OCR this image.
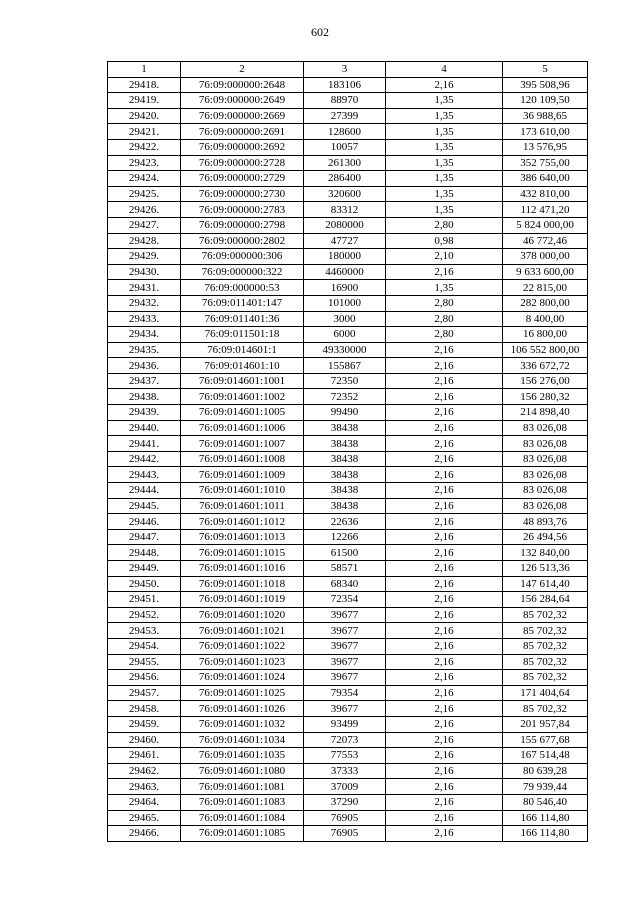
602
1	2	3	4	5
29418.	76:09:000000:2648	183106	2,16	395 508,96
29419.	76:09:000000:2649	88970	1,35	120 109,50
29420.	76:09:000000:2669	27399	1,35	36 988,65
29421.	76:09:000000:2691	128600	1,35	173 610,00
29422.	76:09:000000:2692	10057	1,35	13 576,95
29423.	76:09:000000:2728	261300	1,35	352 755,00
29424.	76:09:000000:2729	286400	1,35	386 640,00
29425.	76:09:000000:2730	320600	1,35	432 810,00
29426.	76:09:000000:2783	83312	1,35	112 471,20
29427.	76:09:000000:2798	2080000	2,80	5 824 000,00
29428.	76:09:000000:2802	47727	0,98	46 772,46
29429.	76:09:000000:306	180000	2,10	378 000,00
29430.	76:09:000000:322	4460000	2,16	9 633 600,00
29431.	76:09:000000:53	16900	1,35	22 815,00
29432.	76:09:011401:147	101000	2,80	282 800,00
29433.	76:09:011401:36	3000	2,80	8 400,00
29434.	76:09:011501:18	6000	2,80	16 800,00
29435.	76:09:014601:1	49330000	2,16	106 552 800,00
29436.	76:09:014601:10	155867	2,16	336 672,72
29437.	76:09:014601:1001	72350	2,16	156 276,00
29438.	76:09:014601:1002	72352	2,16	156 280,32
29439.	76:09:014601:1005	99490	2,16	214 898,40
29440.	76:09:014601:1006	38438	2,16	83 026,08
29441.	76:09:014601:1007	38438	2,16	83 026,08
29442.	76:09:014601:1008	38438	2,16	83 026,08
29443.	76:09:014601:1009	38438	2,16	83 026,08
29444.	76:09:014601:1010	38438	2,16	83 026,08
29445.	76:09:014601:1011	38438	2,16	83 026,08
29446.	76:09:014601:1012	22636	2,16	48 893,76
29447.	76:09:014601:1013	12266	2,16	26 494,56
29448.	76:09:014601:1015	61500	2,16	132 840,00
29449.	76:09:014601:1016	58571	2,16	126 513,36
29450.	76:09:014601:1018	68340	2,16	147 614,40
29451.	76:09:014601:1019	72354	2,16	156 284,64
29452.	76:09:014601:1020	39677	2,16	85 702,32
29453.	76:09:014601:1021	39677	2,16	85 702,32
29454.	76:09:014601:1022	39677	2,16	85 702,32
29455.	76:09:014601:1023	39677	2,16	85 702,32
29456.	76:09:014601:1024	39677	2,16	85 702,32
29457.	76:09:014601:1025	79354	2,16	171 404,64
29458.	76:09:014601:1026	39677	2,16	85 702,32
29459.	76:09:014601:1032	93499	2,16	201 957,84
29460.	76:09:014601:1034	72073	2,16	155 677,68
29461.	76:09:014601:1035	77553	2,16	167 514,48
29462.	76:09:014601:1080	37333	2,16	80 639,28
29463.	76:09:014601:1081	37009	2,16	79 939,44
29464.	76:09:014601:1083	37290	2,16	80 546,40
29465.	76:09:014601:1084	76905	2,16	166 114,80
29466.	76:09:014601:1085	76905	2,16	166 114,80
